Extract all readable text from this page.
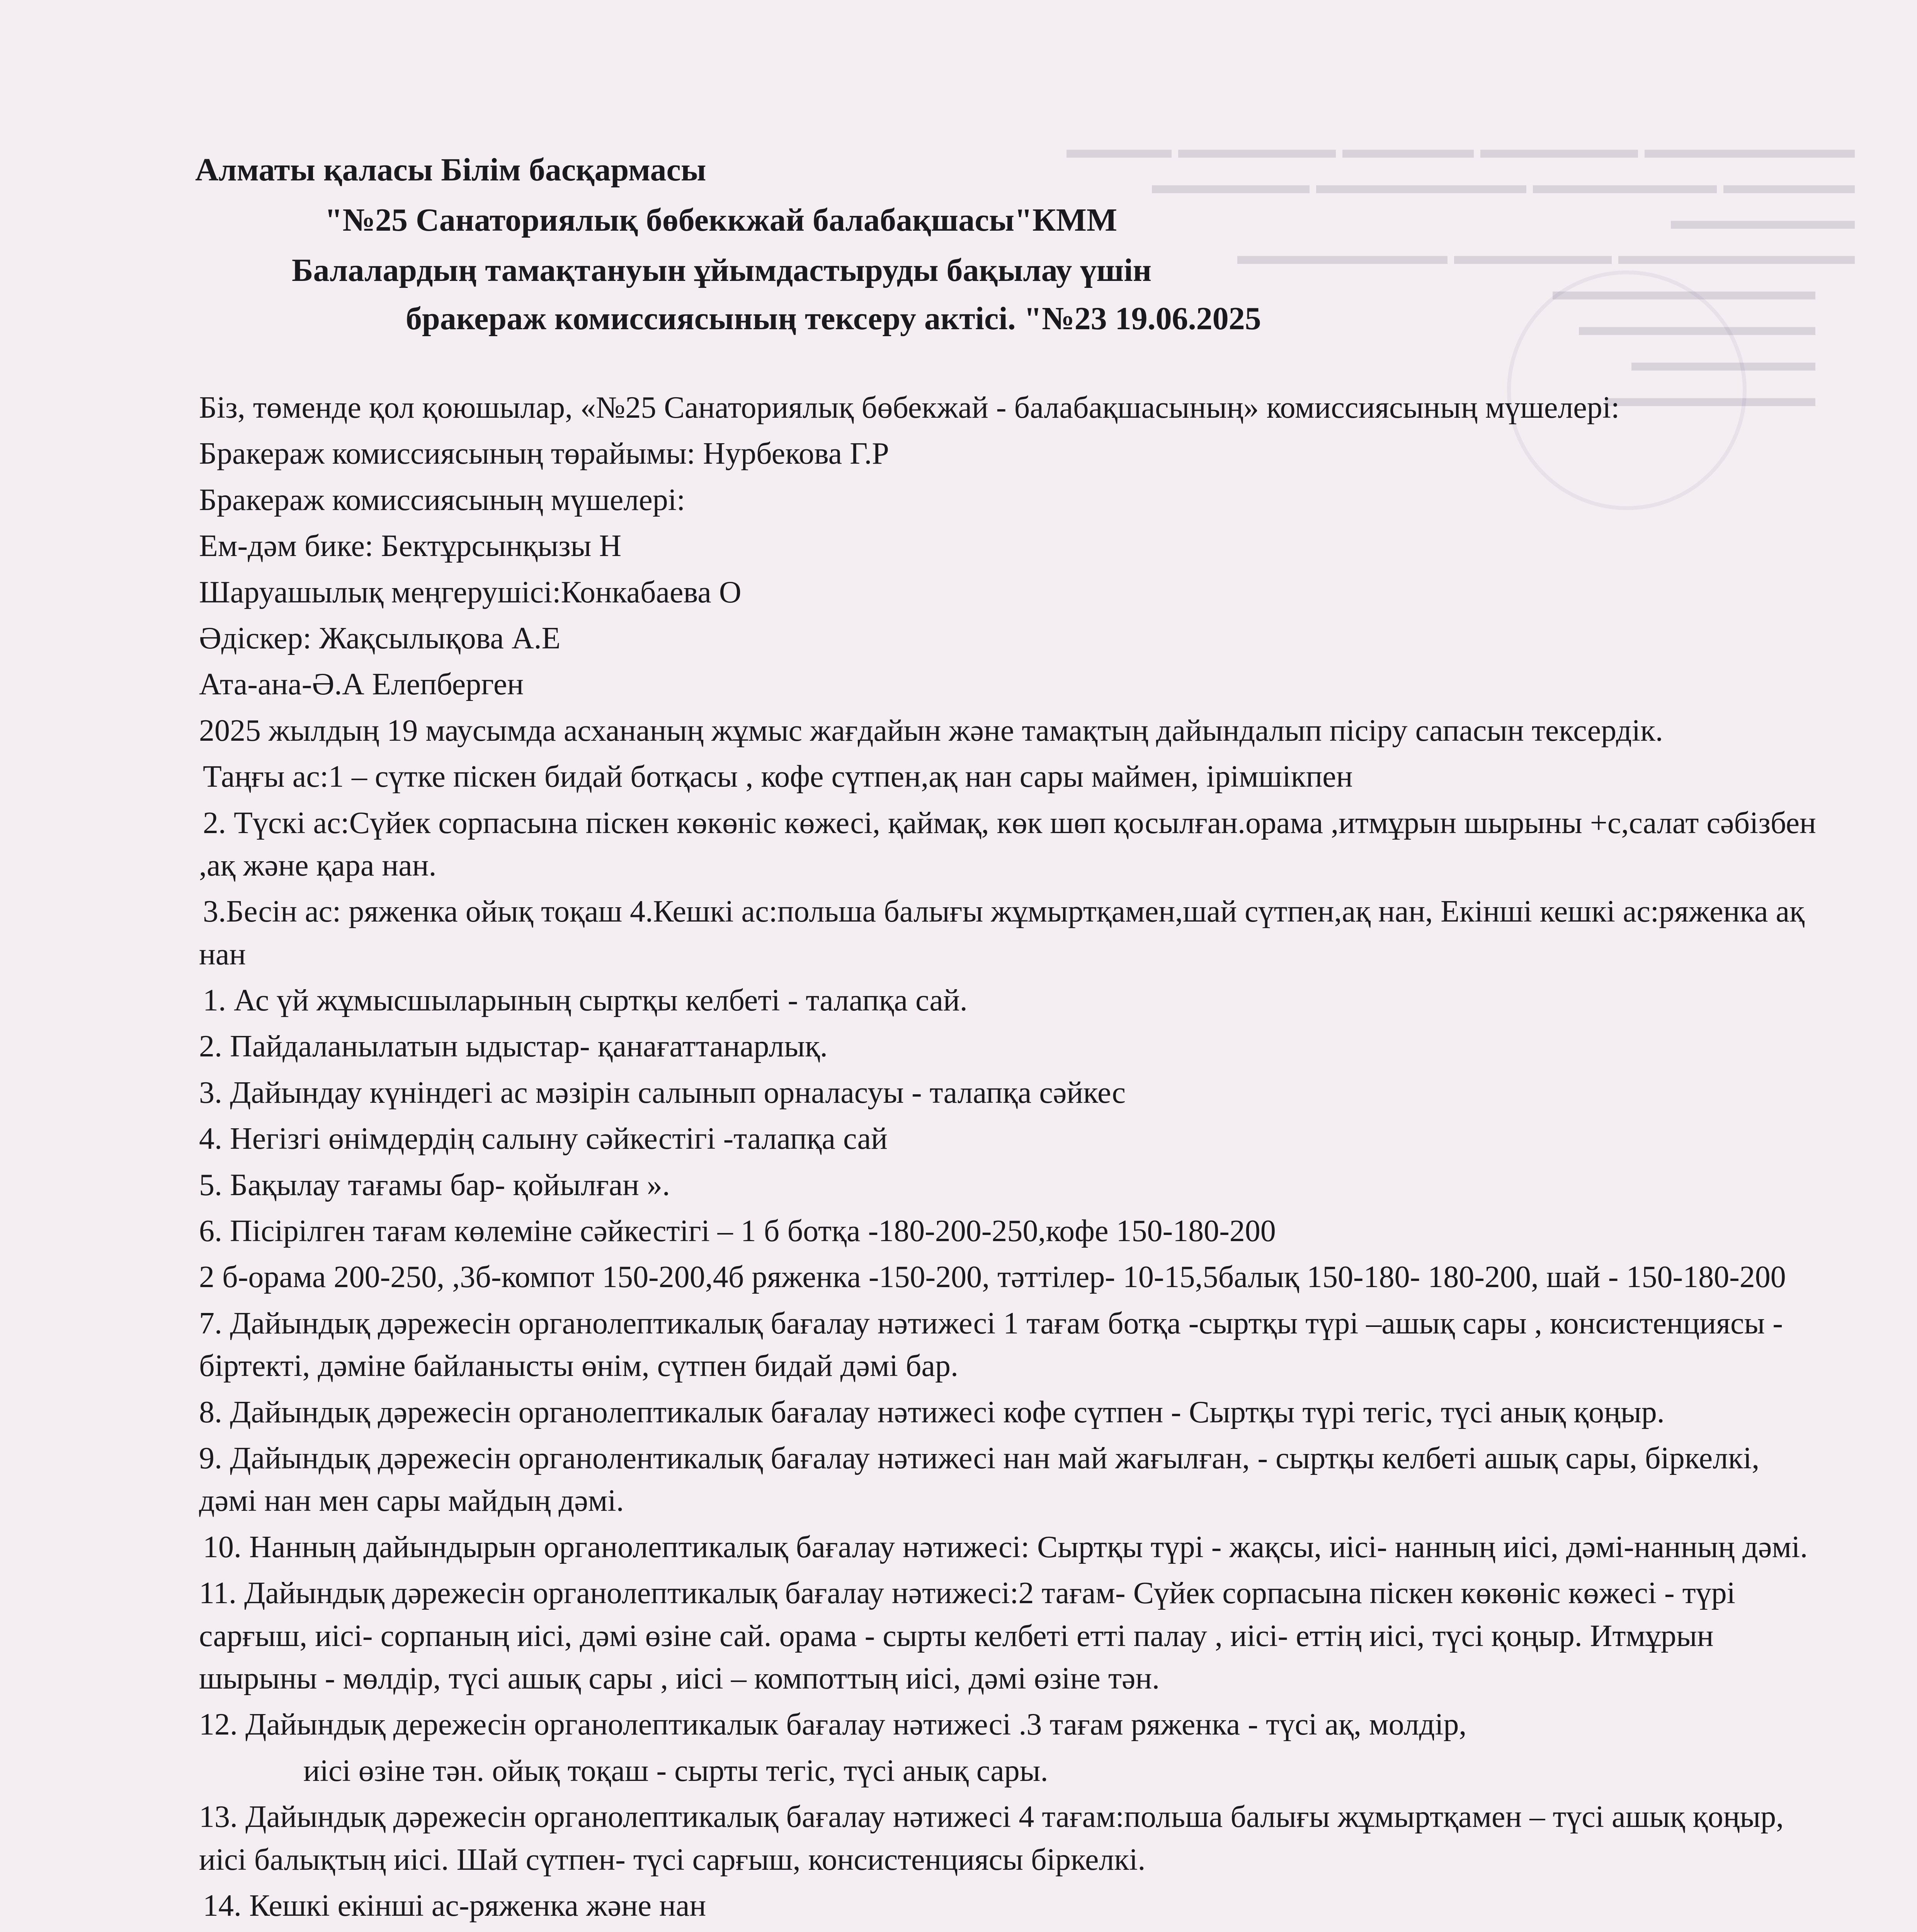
▬▬▬▬▬▬▬▬ ▬▬▬▬▬▬ ▬▬▬▬▬ ▬▬▬▬▬▬ ▬▬▬▬
▬▬▬▬▬ ▬▬▬▬▬▬▬ ▬▬▬▬▬▬▬▬ ▬▬▬▬▬▬
▬▬▬▬▬▬▬
▬▬▬▬▬▬▬▬▬ ▬▬▬▬▬▬ ▬▬▬▬▬▬▬▬
▬▬▬▬▬▬▬▬▬▬
▬▬▬▬▬▬▬▬▬
▬▬▬▬▬▬▬
▬▬▬▬▬▬▬▬
Алматы қаласы Білім басқармасы
"№25 Санаториялық бөбеккжай балабақшасы"КММ
Балалардың тамақтануын ұйымдастыруды бақылау үшін
бракераж комиссиясының тексеру актісі. "№23 19.06.2025

Біз, төменде қол қоюшылар, «№25 Санаториялық бөбекжай - балабақшасының» комиссиясының мүшелері:

Бракераж комиссиясының төрайымы: Нурбекова Г.Р

Бракераж комиссиясының мүшелері:

Ем-дәм бике: Бектұрсынқызы Н

Шаруашылық меңгерушісі:Конкабаева О

Әдіскер: Жақсылықова А.Е

Ата-ана-Ә.А Елепберген

2025 жылдың 19 маусымда асхананың жұмыс жағдайын және тамақтың дайындалып пісіру сапасын тексердік.

Таңғы ас:1 – сүтке піскен бидай ботқасы , кофе сүтпен,ақ нан сары маймен, ірімшікпен

2. Түскі ас:Сүйек сорпасына піскен көкөніс көжесі, қаймақ, көк шөп қосылған.орама ,итмұрын шырыны +с,салат сәбізбен ,ақ және қара нан.

3.Бесін ас: ряженка ойық тоқаш 4.Кешкі ас:польша балығы жұмыртқамен,шай сүтпен,ақ нан, Екінші кешкі ас:ряженка ақ нан

1. Ас үй жұмысшыларының сыртқы келбеті - талапқа сай.

2. Пайдаланылатын ыдыстар- қанағаттанарлық.

3. Дайындау күніндегі ас мәзірін салынып орналасуы - талапқа сәйкес

4. Негізгі өнімдердің салыну сәйкестігі -талапқа сай

5. Бақылау тағамы бар- қойылған ».

6. Пісірілген тағам көлеміне сәйкестігі – 1 б ботқа -180-200-250,кофе 150-180-200

2 б-орама 200-250, ,3б-компот 150-200,4б ряженка -150-200, тәттілер- 10-15,5балық 150-180- 180-200, шай - 150-180-200

7. Дайындық дәрежесін органолептикалық бағалау нәтижесі 1 тағам ботқа -сыртқы түрі –ашық сары , консистенциясы - біртекті, дәміне байланысты өнім, сүтпен бидай дәмі бар.

8. Дайындық дәрежесін органолептикалык бағалау нәтижесі кофе сүтпен - Сыртқы түрі тегіс, түсі анық қоңыр.

9. Дайындық дәрежесін органолентикалық бағалау нәтижесі нан май жағылған, - сыртқы келбеті ашық сары, біркелкі, дәмі нан мен сары майдың дәмі.

10. Нанның дайындырын органолептикалық бағалау нәтижесі: Сыртқы түрі - жақсы, иісі- нанның иісі, дәмі-нанның дәмі.

11. Дайындық дәрежесін органолептикалық бағалау нәтижесі:2 тағам- Сүйек сорпасына піскен көкөніс көжесі - түрі сарғыш, иісі- сорпаның иісі, дәмі өзіне сай. орама - сырты келбеті етті палау , иісі- еттің иісі, түсі қоңыр. Итмұрын шырыны - мөлдір, түсі ашық сары , иісі – компоттың иісі, дәмі өзіне тән.

12. Дайындық дережесін органолептикалык бағалау нәтижесі .3 тағам ряженка - түсі ақ, молдір,

иісі өзіне тән. ойық тоқаш - сырты тегіс, түсі анық сары.

13. Дайындық дәрежесін органолептикалық бағалау нәтижесі 4 тағам:польша балығы жұмыртқамен – түсі ашық қоңыр, иісі балықтың иісі. Шай сүтпен- түсі сарғыш, консистенциясы біркелкі.

14. Кешкі екінші ас-ряженка және нан
